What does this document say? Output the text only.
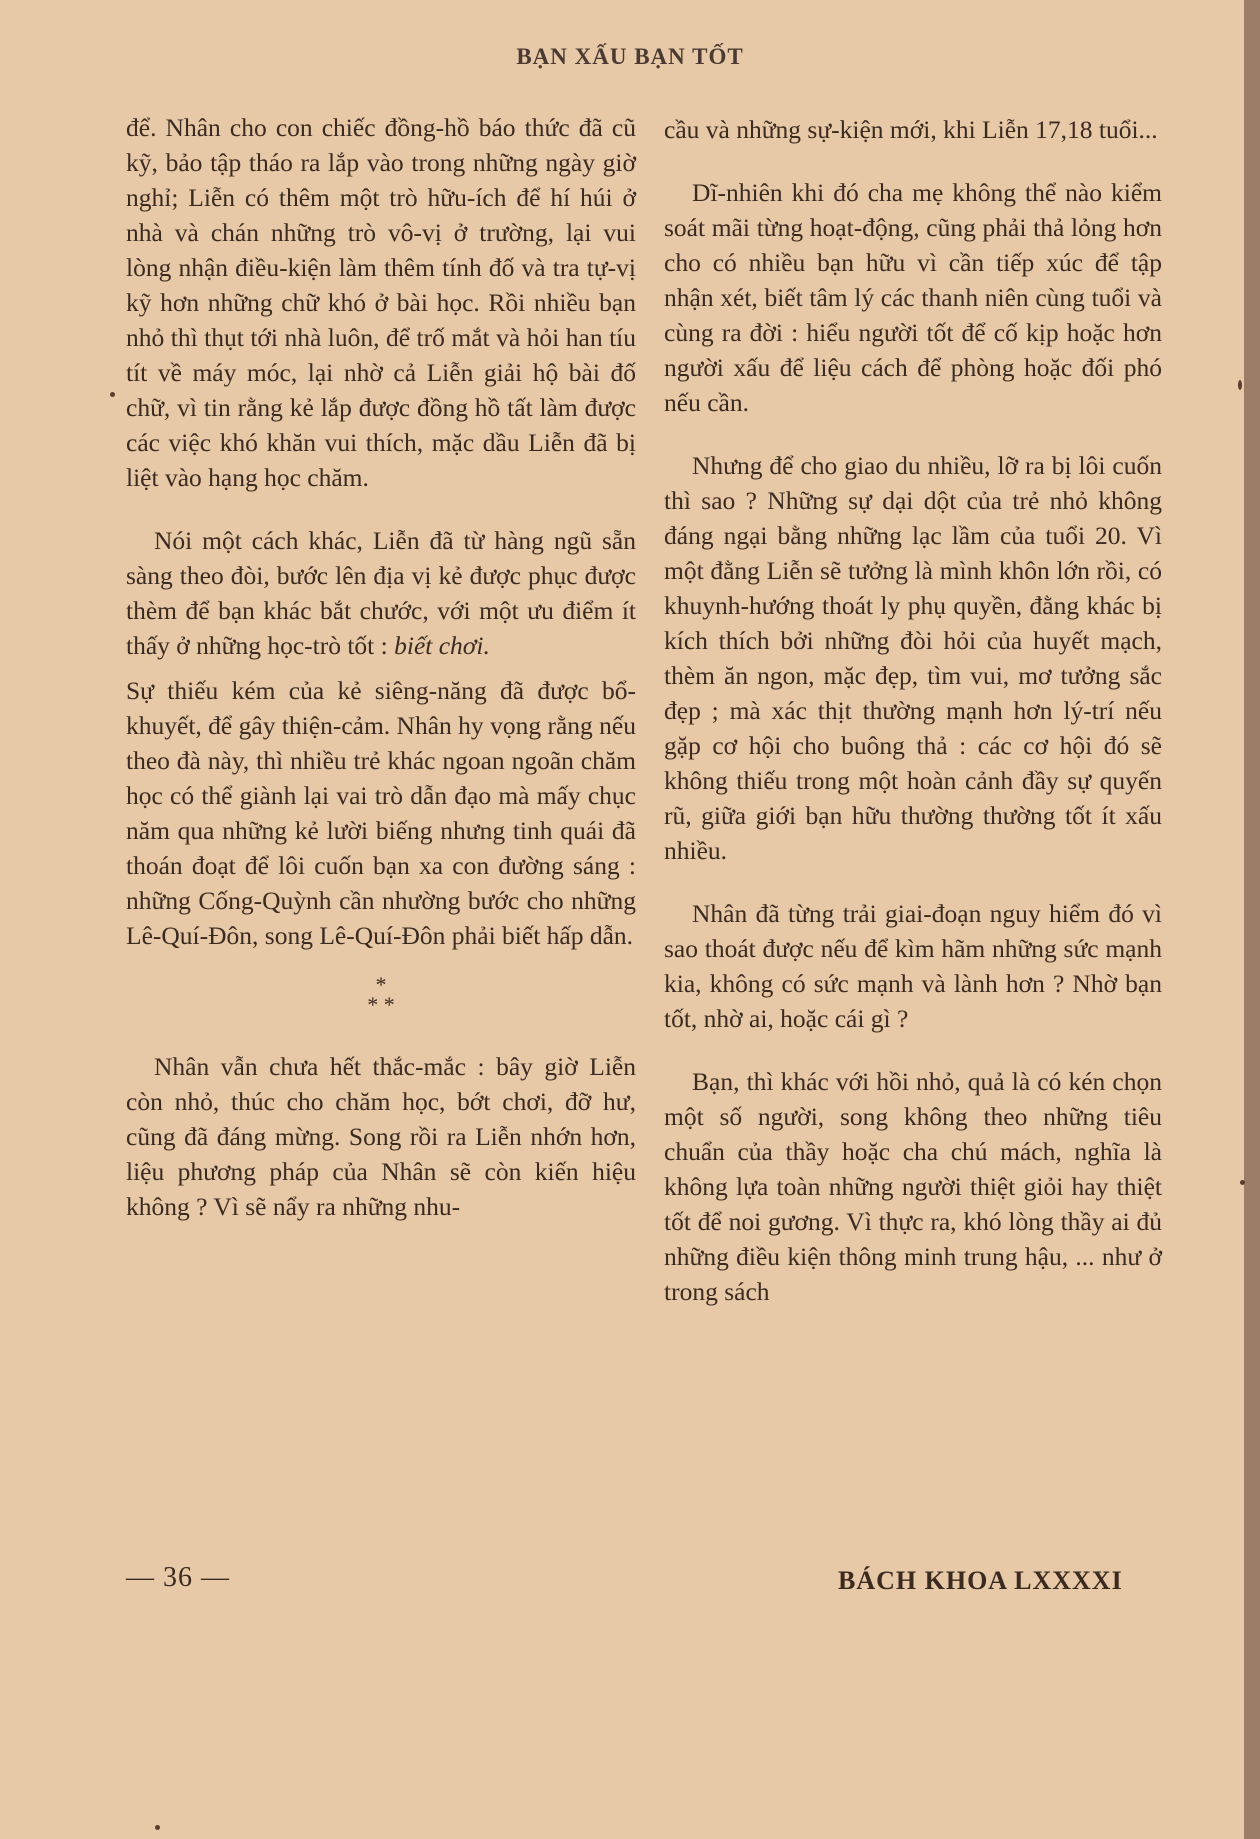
BẠN XẤU BẠN TỐT

để. Nhân cho con chiếc đồng-hồ báo thức đã cũ kỹ, bảo tập tháo ra lắp vào trong những ngày giờ nghỉ; Liễn có thêm một trò hữu-ích để hí húi ở nhà và chán những trò vô-vị ở trường, lại vui lòng nhận điều-kiện làm thêm tính đố và tra tự-vị kỹ hơn những chữ khó ở bài học. Rồi nhiều bạn nhỏ thì thụt tới nhà luôn, để trố mắt và hỏi han tíu tít về máy móc, lại nhờ cả Liễn giải hộ bài đố chữ, vì tin rằng kẻ lắp được đồng hồ tất làm được các việc khó khăn vui thích, mặc dầu Liễn đã bị liệt vào hạng học chăm.

Nói một cách khác, Liễn đã từ hàng ngũ sẵn sàng theo đòi, bước lên địa vị kẻ được phục được thèm để bạn khác bắt chước, với một ưu điểm ít thấy ở những học-trò tốt : biết chơi.

Sự thiếu kém của kẻ siêng-năng đã được bổ-khuyết, để gây thiện-cảm. Nhân hy vọng rằng nếu theo đà này, thì nhiều trẻ khác ngoan ngoãn chăm học có thể giành lại vai trò dẫn đạo mà mấy chục năm qua những kẻ lười biếng nhưng tinh quái đã thoán đoạt để lôi cuốn bạn xa con đường sáng : những Cống-Quỳnh cần nhường bước cho những Lê-Quí-Đôn, song Lê-Quí-Đôn phải biết hấp dẫn.

*
* *

Nhân vẫn chưa hết thắc-mắc : bây giờ Liễn còn nhỏ, thúc cho chăm học, bớt chơi, đỡ hư, cũng đã đáng mừng. Song rồi ra Liễn nhớn hơn, liệu phương pháp của Nhân sẽ còn kiến hiệu không ? Vì sẽ nẩy ra những nhu-

cầu và những sự-kiện mới, khi Liễn 17,18 tuổi...

Dĩ-nhiên khi đó cha mẹ không thể nào kiểm soát mãi từng hoạt-động, cũng phải thả lỏng hơn cho có nhiều bạn hữu vì cần tiếp xúc để tập nhận xét, biết tâm lý các thanh niên cùng tuổi và cùng ra đời : hiểu người tốt để cố kịp hoặc hơn người xấu để liệu cách để phòng hoặc đối phó nếu cần.

Nhưng để cho giao du nhiều, lỡ ra bị lôi cuốn thì sao ? Những sự dại dột của trẻ nhỏ không đáng ngại bằng những lạc lầm của tuổi 20. Vì một đằng Liễn sẽ tưởng là mình khôn lớn rồi, có khuynh-hướng thoát ly phụ quyền, đằng khác bị kích thích bởi những đòi hỏi của huyết mạch, thèm ăn ngon, mặc đẹp, tìm vui, mơ tưởng sắc đẹp ; mà xác thịt thường mạnh hơn lý-trí nếu gặp cơ hội cho buông thả : các cơ hội đó sẽ không thiếu trong một hoàn cảnh đầy sự quyến rũ, giữa giới bạn hữu thường thường tốt ít xấu nhiều.

Nhân đã từng trải giai-đoạn nguy hiểm đó vì sao thoát được nếu để kìm hãm những sức mạnh kia, không có sức mạnh và lành hơn ? Nhờ bạn tốt, nhờ ai, hoặc cái gì ?

Bạn, thì khác với hồi nhỏ, quả là có kén chọn một số người, song không theo những tiêu chuẩn của thầy hoặc cha chú mách, nghĩa là không lựa toàn những người thiệt giỏi hay thiệt tốt để noi gương. Vì thực ra, khó lòng thầy ai đủ những điều kiện thông minh trung hậu, ... như ở trong sách

— 36 —	BÁCH KHOA LXXXXI
